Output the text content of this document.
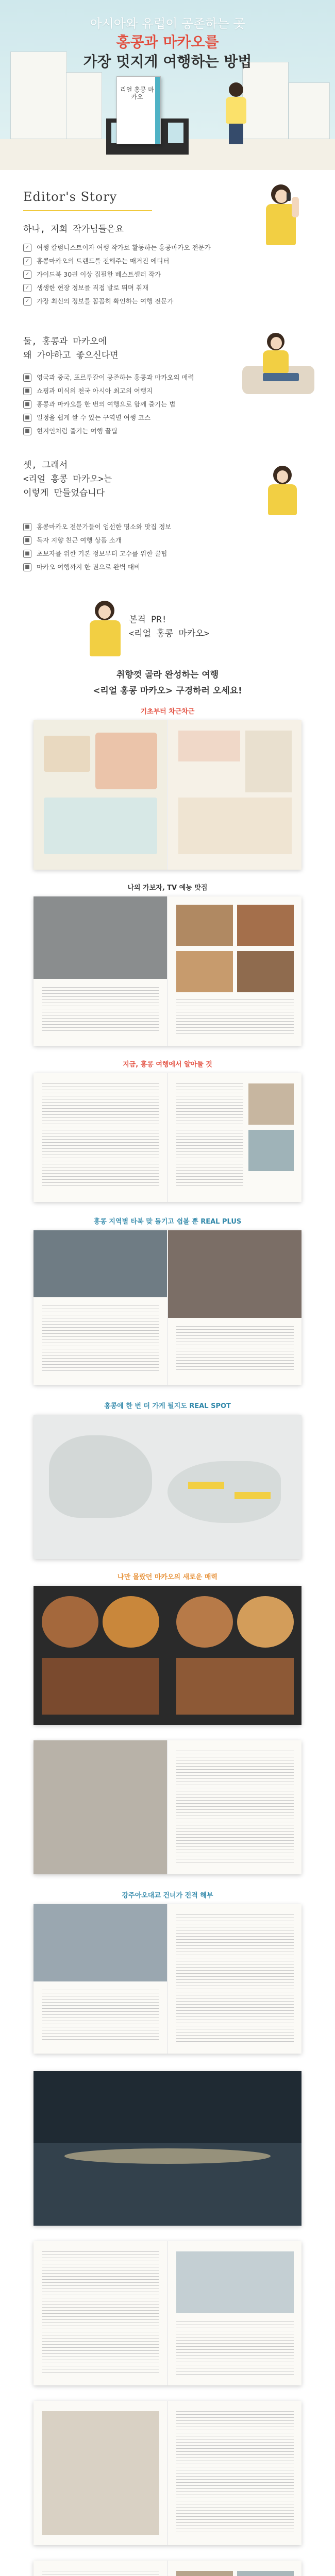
리얼 홍콩 마카오
아시아와 유럽이 공존하는 곳
홍콩과 마카오를
가장 멋지게 여행하는 방법
Editor's Story
하나, 저희 작가님들은요
✓	여행 칼럼니스트이자 여행 작가로 활동하는 홍콩마카오 전문가
✓	홍콩마카오의 트렌드를 전해주는 매거진 에디터
✓	가이드북 30권 이상 집필한 베스트셀러 작가
✓	생생한 현장 정보를 직접 발로 뛰며 취재
✓	가장 최신의 정보를 꼼꼼히 확인하는 여행 전문가
둘, 홍콩과 마카오에
왜 가야하고 좋으신다면
■ 영국과 중국, 포르투갈이 공존하는 홍콩과 마카오의 매력
■ 쇼핑과 미식의 천국 아시아 최고의 여행지
■ 홍콩과 마카오를 한 번의 여행으로 함께 즐기는 법
■ 일정을 쉽게 짤 수 있는 구역별 여행 코스
■ 현지인처럼 즐기는 여행 꿀팁
셋, 그래서
<리얼 홍콩 마카오>는
이렇게 만들었습니다
■ 홍콩마카오 전문가들이 엄선한 명소와 맛집 정보
■ 독자 지향 친근 여행 상품 소개
■ 초보자를 위한 기본 정보부터 고수를 위한 꿀팁
■ 마카오 여행까지 한 권으로 완벽 대비
본격 PR!
<리얼 홍콩 마카오>
취향껏 골라 완성하는 여행
<리얼 홍콩 마카오> 구경하러 오세요!
기초부터 차근차근
나의 가보자, TV 예능 맛집
지금, 홍콩 여행에서 알아둘 것
홍콩 지역별 타북 맞 돌기고 쉽볼 뿐 REAL PLUS
홍콩에 한 번 더 가게 될지도 REAL SPOT
나만 몰랐던 마카오의 새로운 매력
강주아오대교 건너가 전격 해부
